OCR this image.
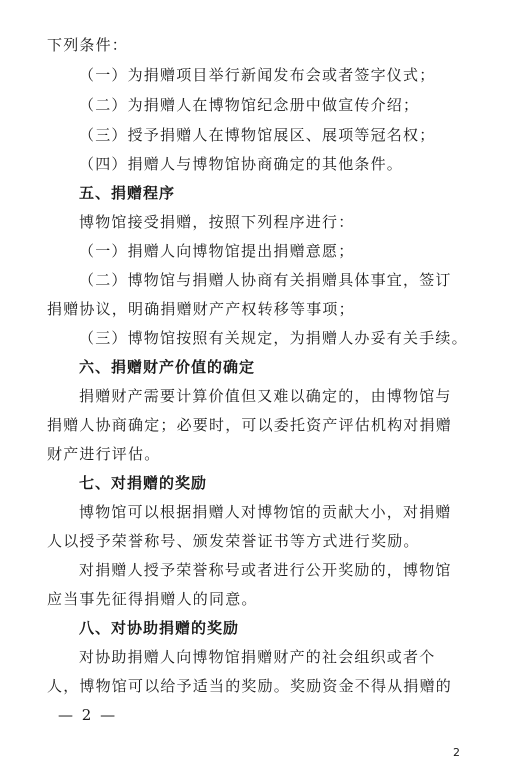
下列条件：
（一）为捐赠项目举行新闻发布会或者签字仪式；
（二）为捐赠人在博物馆纪念册中做宣传介绍；
（三）授予捐赠人在博物馆展区、展项等冠名权；
（四）捐赠人与博物馆协商确定的其他条件。
五、捐赠程序
博物馆接受捐赠，按照下列程序进行：
（一）捐赠人向博物馆提出捐赠意愿；
（二）博物馆与捐赠人协商有关捐赠具体事宜，签订
捐赠协议，明确捐赠财产产权转移等事项；
（三）博物馆按照有关规定，为捐赠人办妥有关手续。
六、捐赠财产价值的确定
捐赠财产需要计算价值但又难以确定的，由博物馆与
捐赠人协商确定；必要时，可以委托资产评估机构对捐赠
财产进行评估。
七、对捐赠的奖励
博物馆可以根据捐赠人对博物馆的贡献大小，对捐赠
人以授予荣誉称号、颁发荣誉证书等方式进行奖励。
对捐赠人授予荣誉称号或者进行公开奖励的，博物馆
应当事先征得捐赠人的同意。
八、对协助捐赠的奖励
对协助捐赠人向博物馆捐赠财产的社会组织或者个
人，博物馆可以给予适当的奖励。奖励资金不得从捐赠的
— 2 —
2
